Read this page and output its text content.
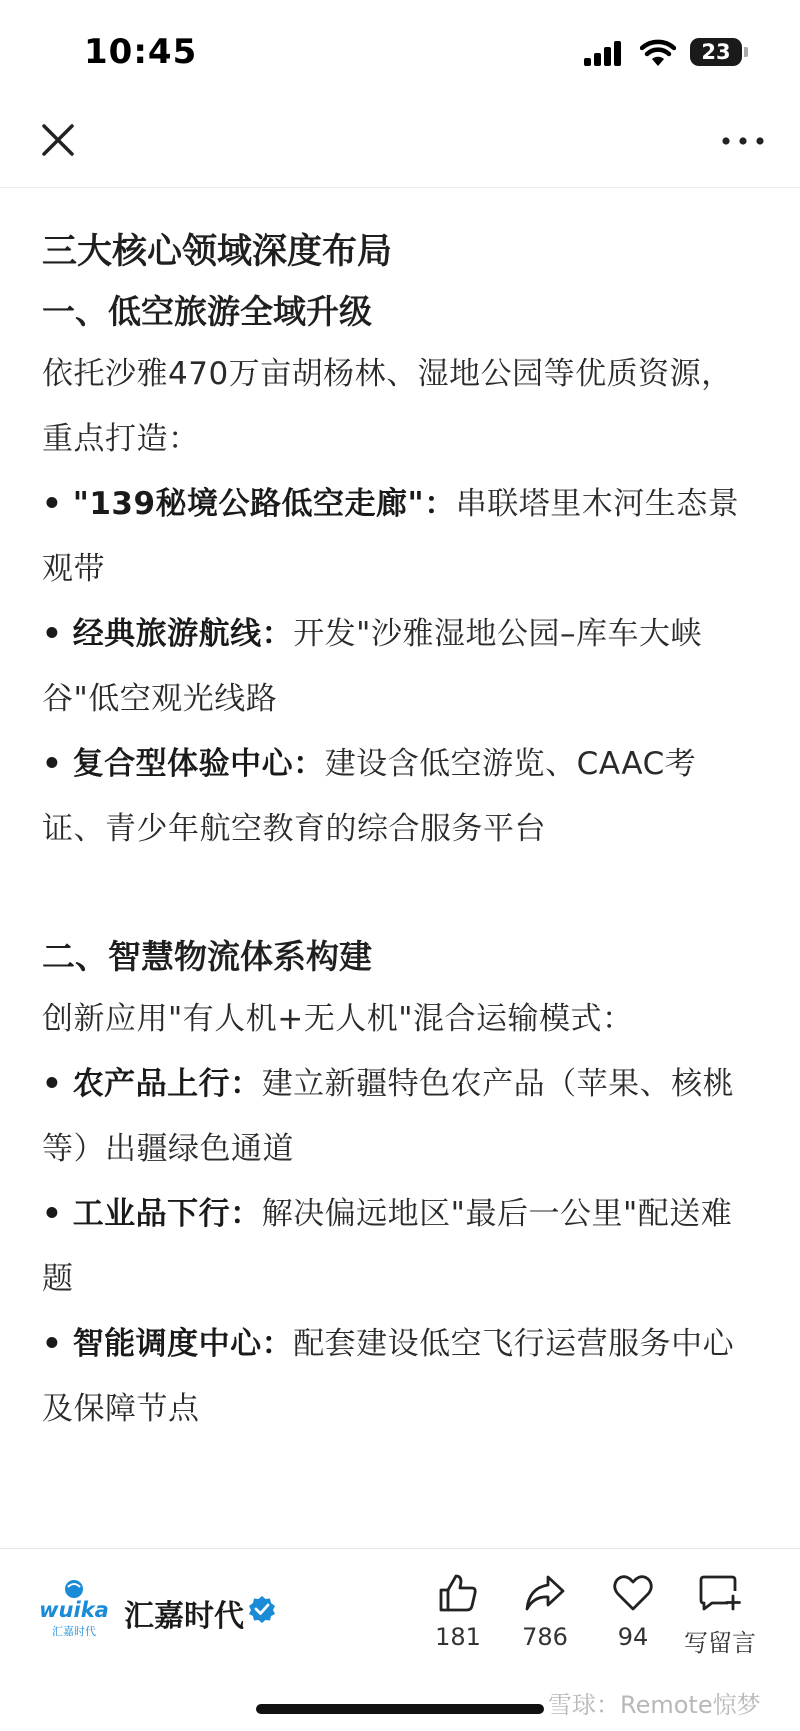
10:45	23
三大核心领域深度布局
一、低空旅游全域升级
依托沙雅470万亩胡杨林、湿地公园等优质资源，重点打造：
• "139秘境公路低空走廊"：串联塔里木河生态景观带
• 经典旅游航线：开发"沙雅湿地公园–库车大峡谷"低空观光线路
• 复合型体验中心：建设含低空游览、CAAC考证、青少年航空教育的综合服务平台
二、智慧物流体系构建
创新应用"有人机+无人机"混合运输模式：
• 农产品上行：建立新疆特色农产品（苹果、核桃等）出疆绿色通道
• 工业品下行：解决偏远地区"最后一公里"配送难题
• 智能调度中心：配套建设低空飞行运营服务中心及保障节点
wuika
汇嘉时代 汇嘉时代
181	786	94	写留言
雪球：Remote惊梦
